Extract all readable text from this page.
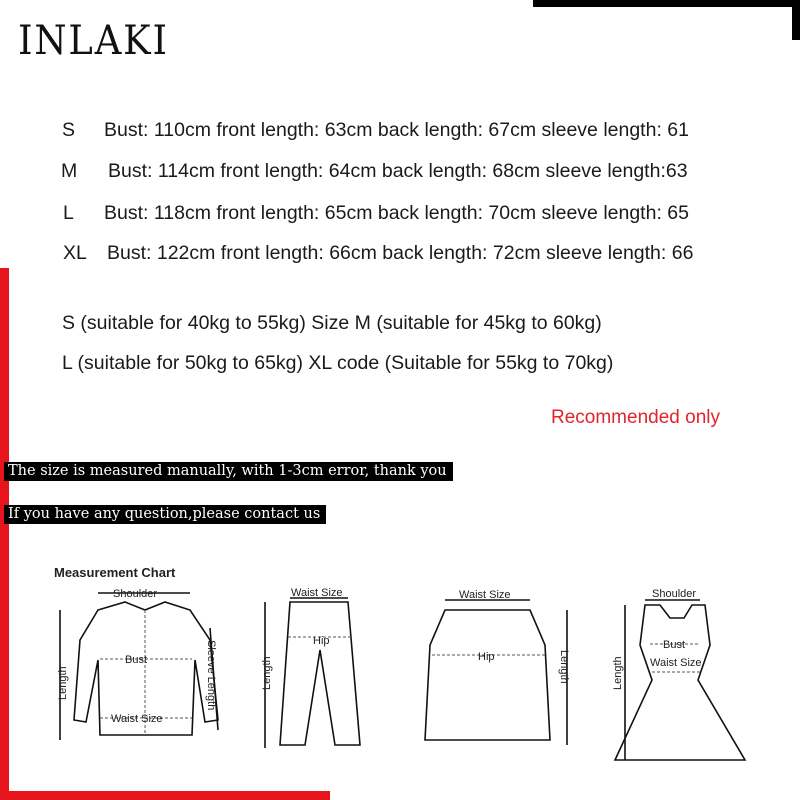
INLAKI
S Bust: 110cm front length: 63cm back length: 67cm sleeve length: 61
M Bust: 114cm front length: 64cm back length: 68cm sleeve length:63
L Bust: 118cm front length: 65cm back length: 70cm sleeve length: 65
XL Bust: 122cm front length: 66cm back length: 72cm sleeve length: 66
S (suitable for 40kg to 55kg) Size M (suitable for 45kg to 60kg)
L (suitable for 50kg to 65kg) XL code (Suitable for 55kg to 70kg)
Recommended only
The size is measured manually, with 1-3cm error, thank you
If you have any question,please contact us
Measurement Chart
Shoulder
Bust
Waist Size
Length	Sleeve Length
Waist Size
Hip
Length
Waist Size
Hip	Length
Shoulder
Bust
Waist Size
Length
